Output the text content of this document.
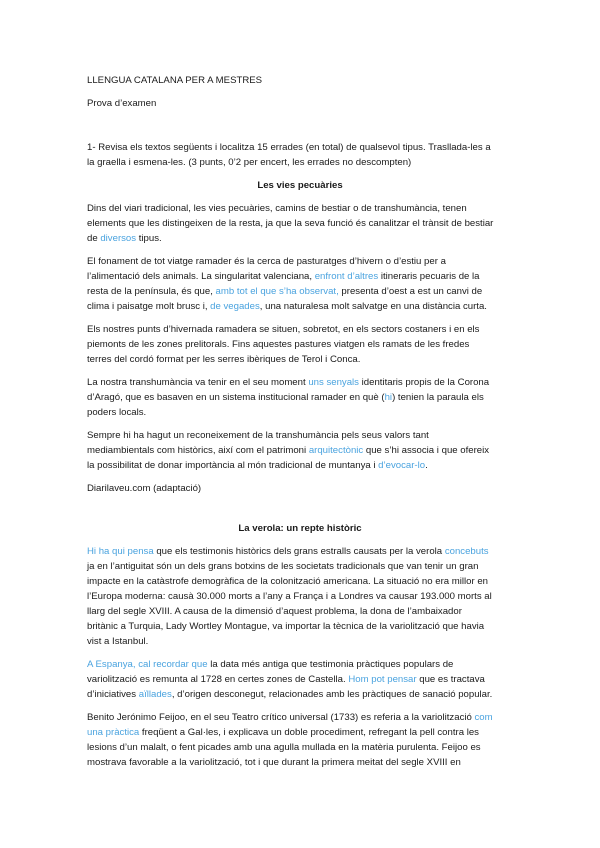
LLENGUA CATALANA PER A MESTRES
Prova d’examen
1- Revisa els textos següents i localitza 15 errades (en total) de qualsevol tipus. Trasllada-les a
la graella i esmena-les. (3 punts, 0’2 per encert, les errades no descompten)
Les vies pecuàries
Dins del viari tradicional, les vies pecuàries, camins de bestiar o de transhumància, tenen
elements que les distingeixen de la resta, ja que la seva funció és canalitzar el trànsit de bestiar
de diversos tipus.
El fonament de tot viatge ramader és la cerca de pasturatges d’hivern o d’estiu per a
l’alimentació dels animals. La singularitat valenciana, enfront d’altres itineraris pecuaris de la
resta de la península, és que, amb tot el que s’ha observat, presenta d’oest a est un canvi de
clima i paisatge molt brusc i, de vegades, una naturalesa molt salvatge en una distància curta.
Els nostres punts d’hivernada ramadera se situen, sobretot, en els sectors costaners i en els
piemonts de les zones prelitorals. Fins aquestes pastures viatgen els ramats de les fredes
terres del cordó format per les serres ibèriques de Terol i Conca.
La nostra transhumància va tenir en el seu moment uns senyals identitaris propis de la Corona
d’Aragó, que es basaven en un sistema institucional ramader en què (hi) tenien la paraula els
poders locals.
Sempre hi ha hagut un reconeixement de la transhumància pels seus valors tant
mediambientals com històrics, així com el patrimoni arquitectònic que s’hi associa i que ofereix
la possibilitat de donar importància al món tradicional de muntanya i d’evocar-lo.
Diarilaveu.com (adaptació)
La verola: un repte històric
Hi ha qui pensa que els testimonis històrics dels grans estralls causats per la verola concebuts
ja en l’antiguitat són un dels grans botxins de les societats tradicionals que van tenir un gran
impacte en la catàstrofe demogràfica de la colonització americana. La situació no era millor en
l’Europa moderna: causà 30.000 morts a l’any a França i a Londres va causar 193.000 morts al
llarg del segle XVIII. A causa de la dimensió d’aquest problema, la dona de l’ambaixador
britànic a Turquia, Lady Wortley Montague, va importar la tècnica de la variolització que havia
vist a Istanbul.
A Espanya, cal recordar que la data més antiga que testimonia pràctiques populars de
variolització es remunta al 1728 en certes zones de Castella. Hom pot pensar que es tractava
d’iniciatives aïllades, d’origen desconegut, relacionades amb les pràctiques de sanació popular.
Benito Jerónimo Feijoo, en el seu Teatro crítico universal (1733) es referia a la variolització com
una pràctica freqüent a Gal·les, i explicava un doble procediment, refregant la pell contra les
lesions d’un malalt, o fent picades amb una agulla mullada en la matèria purulenta. Feijoo es
mostrava favorable a la variolització, tot i que durant la primera meitat del segle XVIII en
